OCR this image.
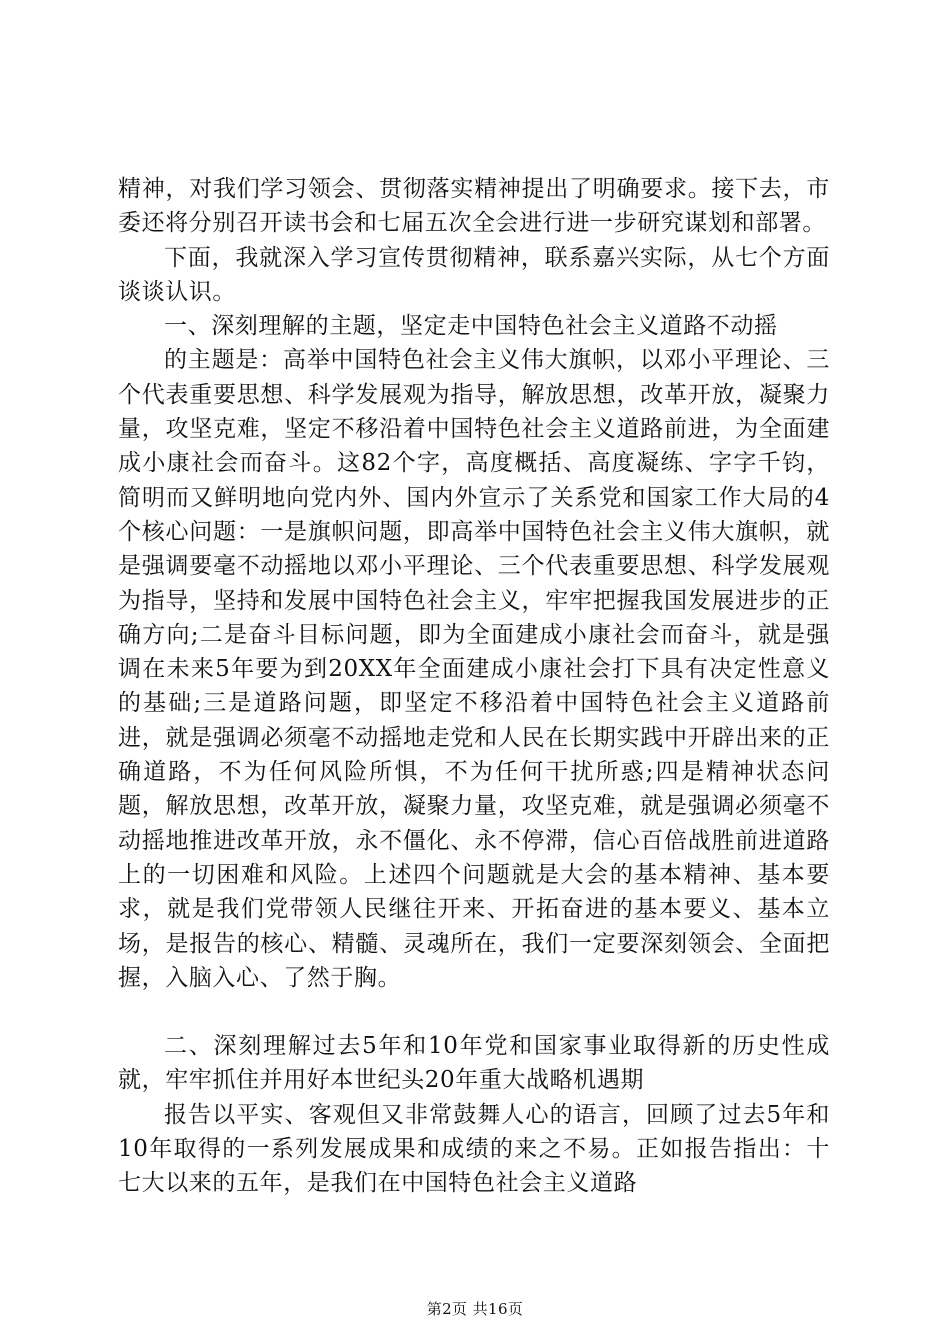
精神，对我们学习领会、贯彻落实精神提出了明确要求。接下去，市委还将分别召开读书会和七届五次全会进行进一步研究谋划和部署。

下面，我就深入学习宣传贯彻精神，联系嘉兴实际，从七个方面谈谈认识。

一、深刻理解的主题，坚定走中国特色社会主义道路不动摇

的主题是：高举中国特色社会主义伟大旗帜，以邓小平理论、三个代表重要思想、科学发展观为指导，解放思想，改革开放，凝聚力量，攻坚克难，坚定不移沿着中国特色社会主义道路前进，为全面建成小康社会而奋斗。这82个字，高度概括、高度凝练、字字千钧，简明而又鲜明地向党内外、国内外宣示了关系党和国家工作大局的4个核心问题：一是旗帜问题，即高举中国特色社会主义伟大旗帜，就是强调要毫不动摇地以邓小平理论、三个代表重要思想、科学发展观为指导，坚持和发展中国特色社会主义，牢牢把握我国发展进步的正确方向;二是奋斗目标问题，即为全面建成小康社会而奋斗，就是强调在未来5年要为到20XX年全面建成小康社会打下具有决定性意义的基础;三是道路问题，即坚定不移沿着中国特色社会主义道路前进，就是强调必须毫不动摇地走党和人民在长期实践中开辟出来的正确道路，不为任何风险所惧，不为任何干扰所惑;四是精神状态问题，解放思想，改革开放，凝聚力量，攻坚克难，就是强调必须毫不动摇地推进改革开放，永不僵化、永不停滞，信心百倍战胜前进道路上的一切困难和风险。上述四个问题就是大会的基本精神、基本要求，就是我们党带领人民继往开来、开拓奋进的基本要义、基本立场，是报告的核心、精髓、灵魂所在，我们一定要深刻领会、全面把握，入脑入心、了然于胸。

二、深刻理解过去5年和10年党和国家事业取得新的历史性成就，牢牢抓住并用好本世纪头20年重大战略机遇期

报告以平实、客观但又非常鼓舞人心的语言，回顾了过去5年和10年取得的一系列发展成果和成绩的来之不易。正如报告指出：十七大以来的五年，是我们在中国特色社会主义道路

第2页 共16页
